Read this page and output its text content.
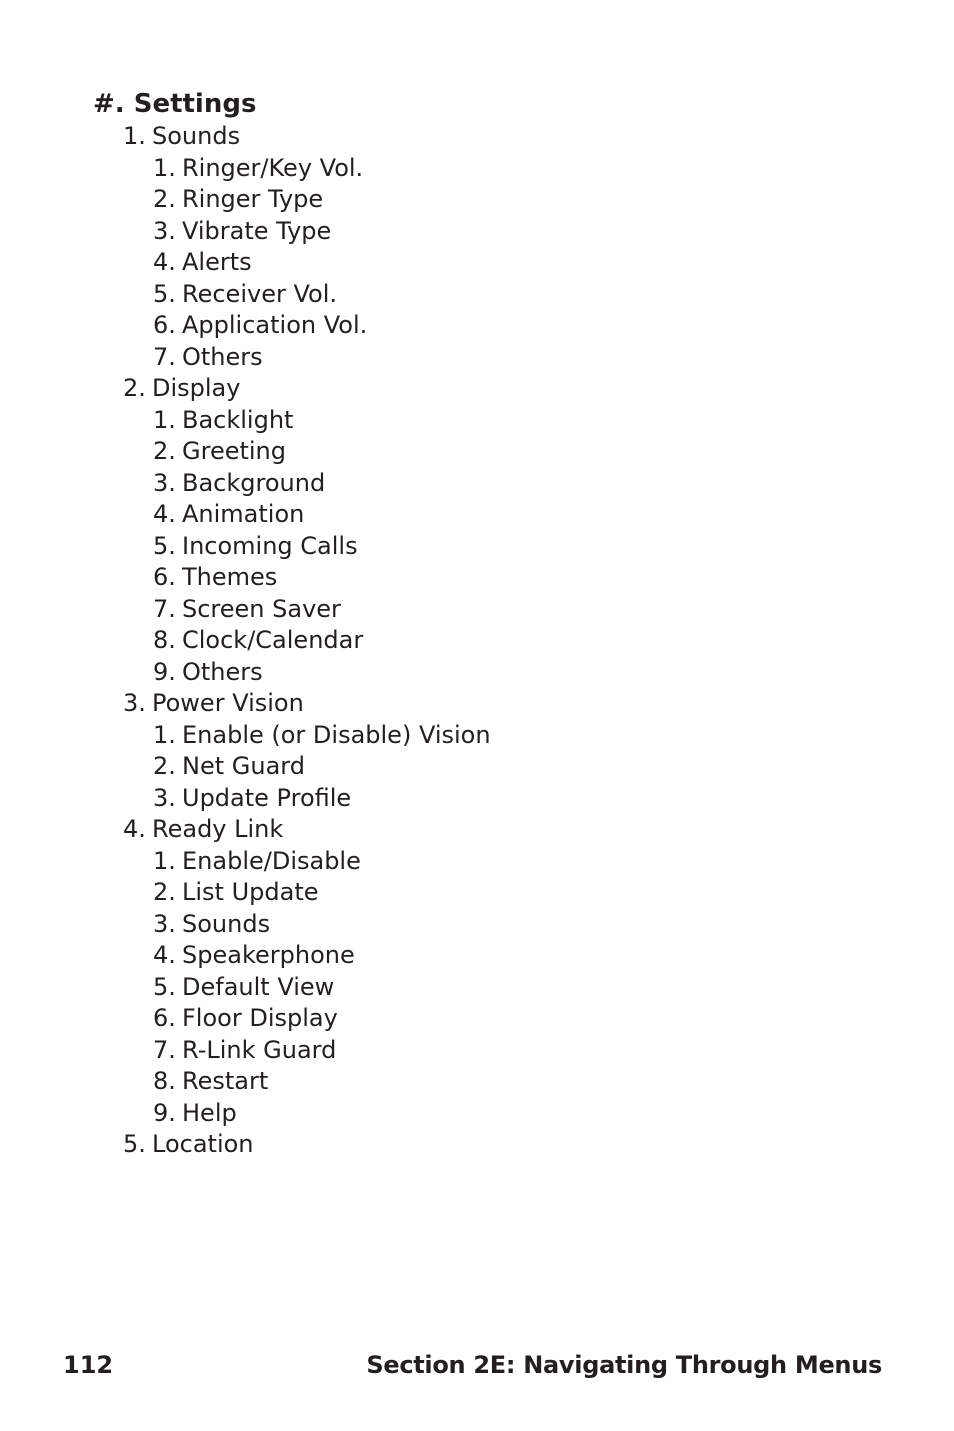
#. Settings
1. Sounds
1. Ringer/Key Vol.
2. Ringer Type
3. Vibrate Type
4. Alerts
5. Receiver Vol.
6. Application Vol.
7. Others
2. Display
1. Backlight
2. Greeting
3. Background
4. Animation
5. Incoming Calls
6. Themes
7. Screen Saver
8. Clock/Calendar
9. Others
3. Power Vision
1. Enable (or Disable) Vision
2. Net Guard
3. Update Profile
4. Ready Link
1. Enable/Disable
2. List Update
3. Sounds
4. Speakerphone
5. Default View
6. Floor Display
7. R-Link Guard
8. Restart
9. Help
5. Location
112	Section 2E: Navigating Through Menus
